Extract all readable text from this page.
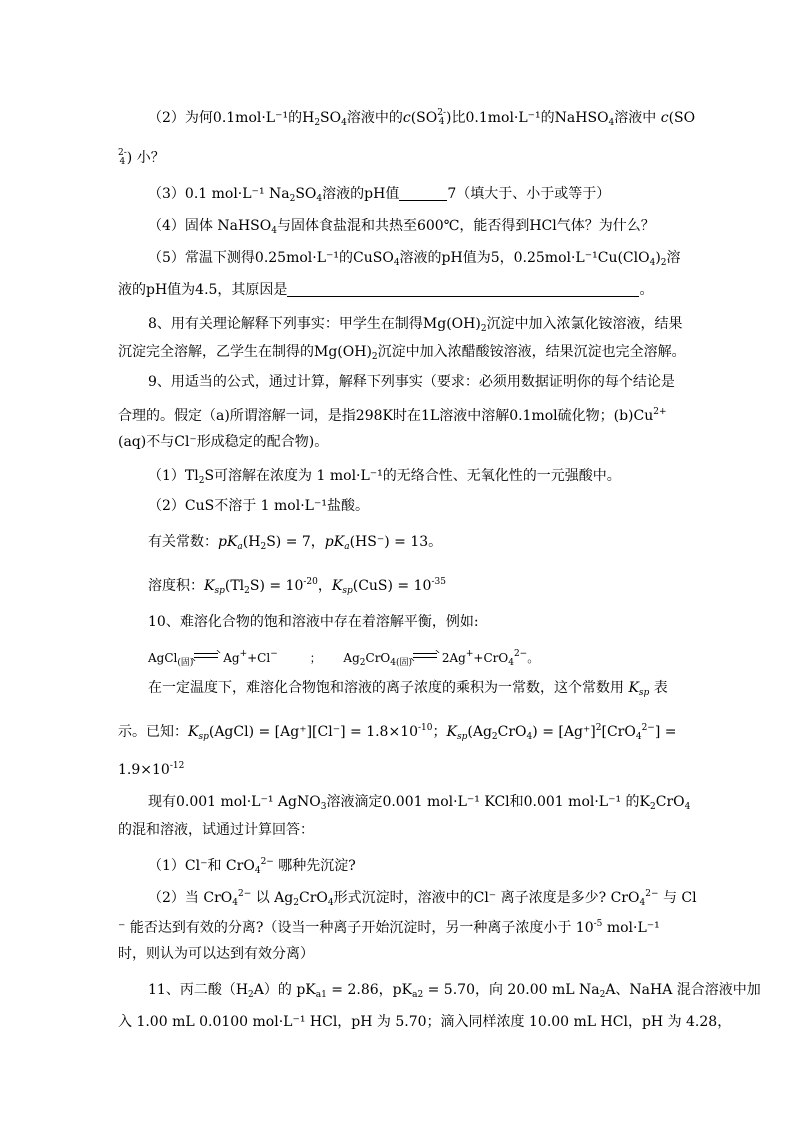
（2）为何0.1mol·L⁻¹的$H_2SO_4$溶液中的c(SO 2-
4 )比0.1mol·L⁻¹的NaHSO$_4$溶液中 c(SO
2-
4 ) 小？
（3）0.1 mol·L⁻¹ $Na_2SO_4$溶液的pH值	7（填大于、小于或等于）
（4）固体 NaHSO$_4$与固体食盐混和共热至600℃，能否得到HCl气体？为什么？
（5）常温下测得0.25mol·L⁻¹的CuSO$_4$溶液的pH值为5，$0.25mol\cdot L^{-1}Cu(ClO_4)_2$溶
液的pH值为4.5，其原因是	。
8、用有关理论解释下列事实：甲学生在制得$Mg(OH)_2$沉淀中加入浓氯化铵溶液，结果
沉淀完全溶解，乙学生在制得的$Mg(OH)_2$沉淀中加入浓醋酸铵溶液，结果沉淀也完全溶解。
9、用适当的公式，通过计算，解释下列事实（要求：必须用数据证明你的每个结论是
合理的。假定（a)所谓溶解一词，是指298K时在1L溶液中溶解0.1mol硫化物；$(b)Cu^{2+}$
(aq)不与Cl⁻形成稳定的配合物)。
$(1)Tl_2S$可溶解在浓度为 1 mol·L⁻¹的无络合性、无氧化性的一元强酸中。
（2）CuS不溶于 1 mol·L⁻¹盐酸。
有关常数：$pK_a(H_2S) = 7$，$pK_a(HS^-) = 13$。
溶度积：$K_{sp}(Tl_2S) = 10^{-20}$，$K_{sp}(CuS) = 10^{-35}$
10、难溶化合物的饱和溶液中存在着溶解平衡，例如:
AgCl$_{(固)}$
Ag++Cl−	； $Ag_2CrO_{4(固)}$
2Ag++CrO$_4^{2-}$。
在一定温度下，难溶化合物饱和溶液的离子浓度的乘积为一常数，这个常数用 $K_{sp}$ 表
示。已知：$K_{sp}(AgCl) = [Ag^+][Cl^-] = 1.8\times 10^{-10}$；$K_{sp}(Ag_2CrO_4) = [Ag^+]^2[CrO_4^{2-}]$ =
$1.9\times 10^{-12}$
现有0.001 mol·L⁻¹ AgNO$_3$溶液滴定0.001 mol·L⁻¹ KCl和0.001 mol·L⁻¹ 的$K_2CrO_4$
的混和溶液，试通过计算回答：
（1）Cl⁻和 CrO$_4^{2-}$ 哪种先沉淀?
（2）当 CrO$_4^{2-}$ 以 $Ag_2CrO_4$形式沉淀时，溶液中的Cl⁻ 离子浓度是多少? CrO$_4^{2-}$ 与 Cl
⁻ 能否达到有效的分离?（设当一种离子开始沉淀时，另一种离子浓度小于 $10^{-5}$ mol·L⁻¹
时，则认为可以达到有效分离）
11、丙二酸$(H_2A)$的 $pK_{a1} = 2.86$，$pK_{a2} = 5.70$，向 20.00 mL $Na_2A$、NaHA 混合溶液中加
入 1.00 mL 0.0100 mol·L⁻¹ HCl，pH 为 5.70；滴入同样浓度 10.00 mL HCl，pH 为 4.28，
